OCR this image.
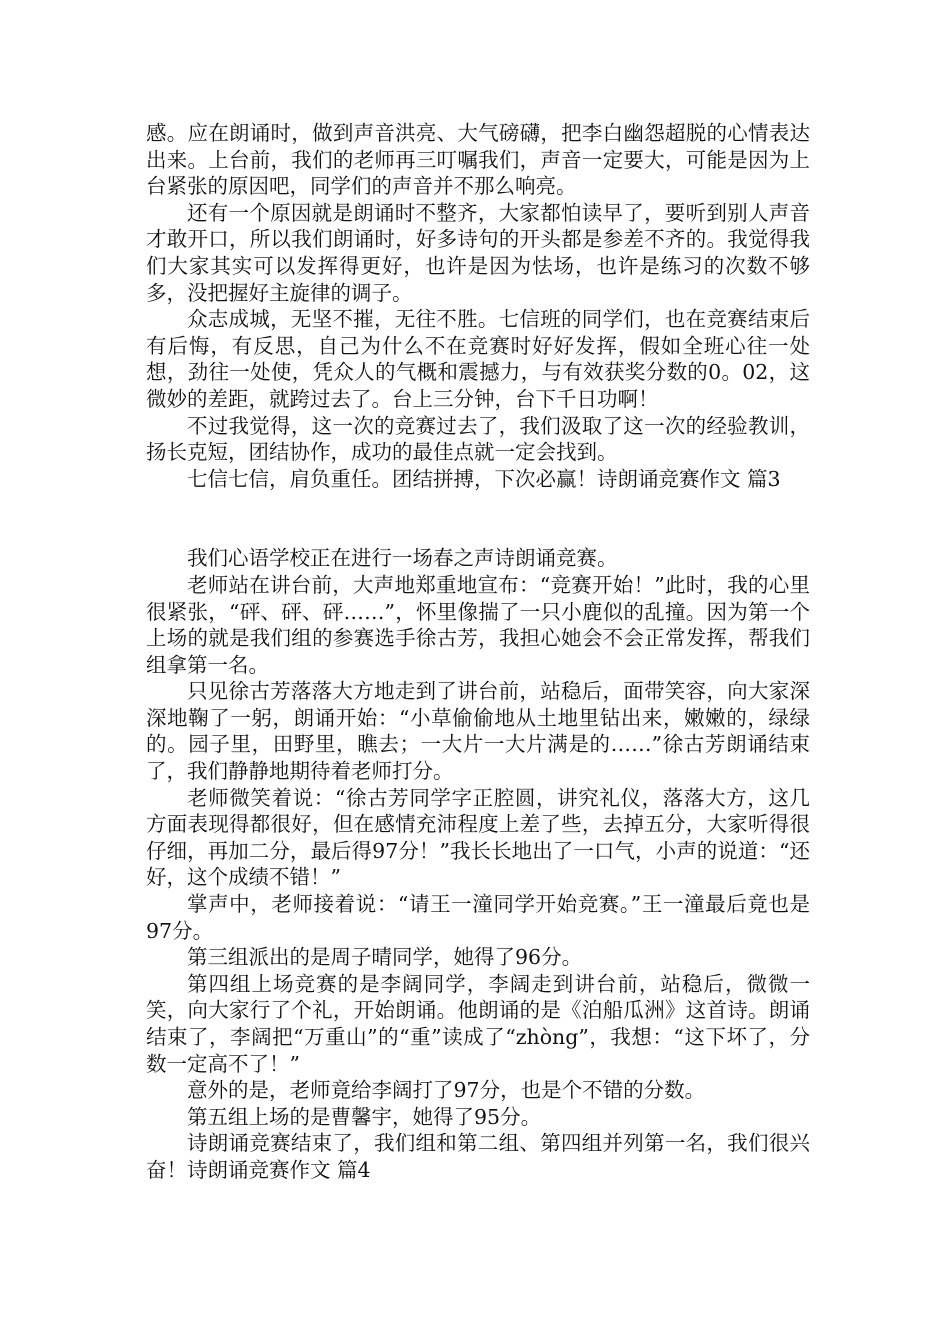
感。应在朗诵时，做到声音洪亮、大气磅礴，把李白幽怨超脱的心情表达出来。上台前，我们的老师再三叮嘱我们，声音一定要大，可能是因为上台紧张的原因吧，同学们的声音并不那么响亮。

还有一个原因就是朗诵时不整齐，大家都怕读早了，要听到别人声音才敢开口，所以我们朗诵时，好多诗句的开头都是参差不齐的。我觉得我们大家其实可以发挥得更好，也许是因为怯场，也许是练习的次数不够多，没把握好主旋律的调子。

众志成城，无坚不摧，无往不胜。七信班的同学们，也在竞赛结束后有后悔，有反思，自己为什么不在竞赛时好好发挥，假如全班心往一处想，劲往一处使，凭众人的气概和震撼力，与有效获奖分数的0。02，这微妙的差距，就跨过去了。台上三分钟，台下千日功啊！

不过我觉得，这一次的竞赛过去了，我们汲取了这一次的经验教训，扬长克短，团结协作，成功的最佳点就一定会找到。

七信七信，肩负重任。团结拼搏，下次必赢！诗朗诵竞赛作文 篇3

我们心语学校正在进行一场春之声诗朗诵竞赛。

老师站在讲台前，大声地郑重地宣布：“竞赛开始！”此时，我的心里很紧张，“砰、砰、砰……”，怀里像揣了一只小鹿似的乱撞。因为第一个上场的就是我们组的参赛选手徐古芳，我担心她会不会正常发挥，帮我们组拿第一名。

只见徐古芳落落大方地走到了讲台前，站稳后，面带笑容，向大家深深地鞠了一躬，朗诵开始：“小草偷偷地从土地里钻出来，嫩嫩的，绿绿的。园子里，田野里，瞧去；一大片一大片满是的……”徐古芳朗诵结束了，我们静静地期待着老师打分。

老师微笑着说：“徐古芳同学字正腔圆，讲究礼仪，落落大方，这几方面表现得都很好，但在感情充沛程度上差了些，去掉五分，大家听得很仔细，再加二分，最后得97分！”我长长地出了一口气，小声的说道：“还好，这个成绩不错！”

掌声中，老师接着说：“请王一潼同学开始竞赛。”王一潼最后竟也是97分。

第三组派出的是周子晴同学，她得了96分。

第四组上场竞赛的是李阔同学，李阔走到讲台前，站稳后，微微一笑，向大家行了个礼，开始朗诵。他朗诵的是《泊船瓜洲》这首诗。朗诵结束了，李阔把“万重山”的“重”读成了“zhòng”，我想：“这下坏了，分数一定高不了！”

意外的是，老师竟给李阔打了97分，也是个不错的分数。

第五组上场的是曹馨宇，她得了95分。

诗朗诵竞赛结束了，我们组和第二组、第四组并列第一名，我们很兴奋！诗朗诵竞赛作文 篇4
